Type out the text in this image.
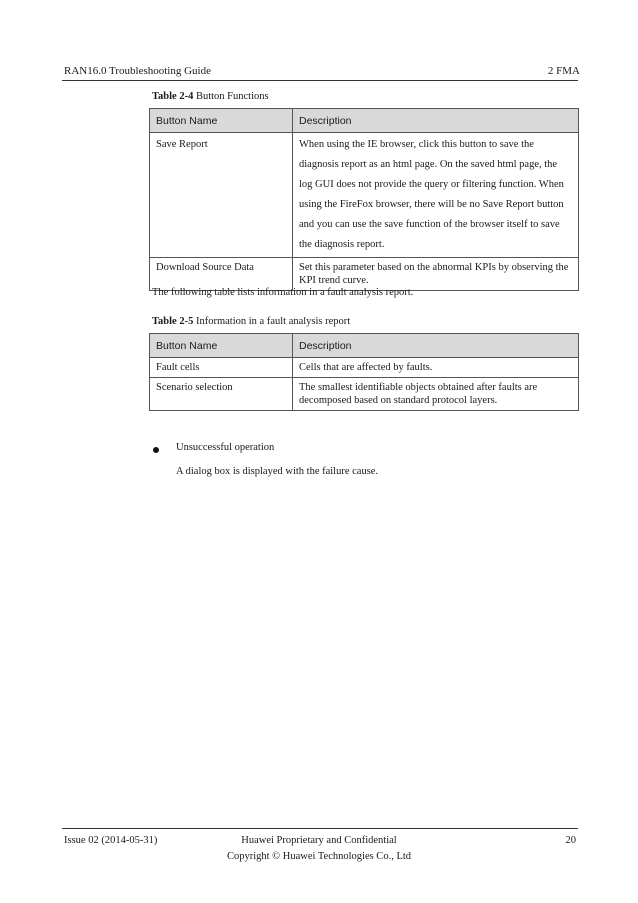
RAN16.0 Troubleshooting Guide	2 FMA
Table 2-4 Button Functions
Button Name	Description
Save Report	When using the IE browser, click this button to save the diagnosis report as an html page. On the saved html page, the log GUI does not provide the query or filtering function. When using the FireFox browser, there will be no Save Report button and you can use the save function of the browser itself to save the diagnosis report.
Download Source Data	Set this parameter based on the abnormal KPIs by observing the KPI trend curve.
The following table lists information in a fault analysis report.
Table 2-5 Information in a fault analysis report
Button Name	Description
Fault cells	Cells that are affected by faults.
Scenario selection	The smallest identifiable objects obtained after faults are decomposed based on standard protocol layers.
Unsuccessful operation
A dialog box is displayed with the failure cause.
Issue 02 (2014-05-31)	Huawei Proprietary and Confidential
Copyright © Huawei Technologies Co., Ltd
20
